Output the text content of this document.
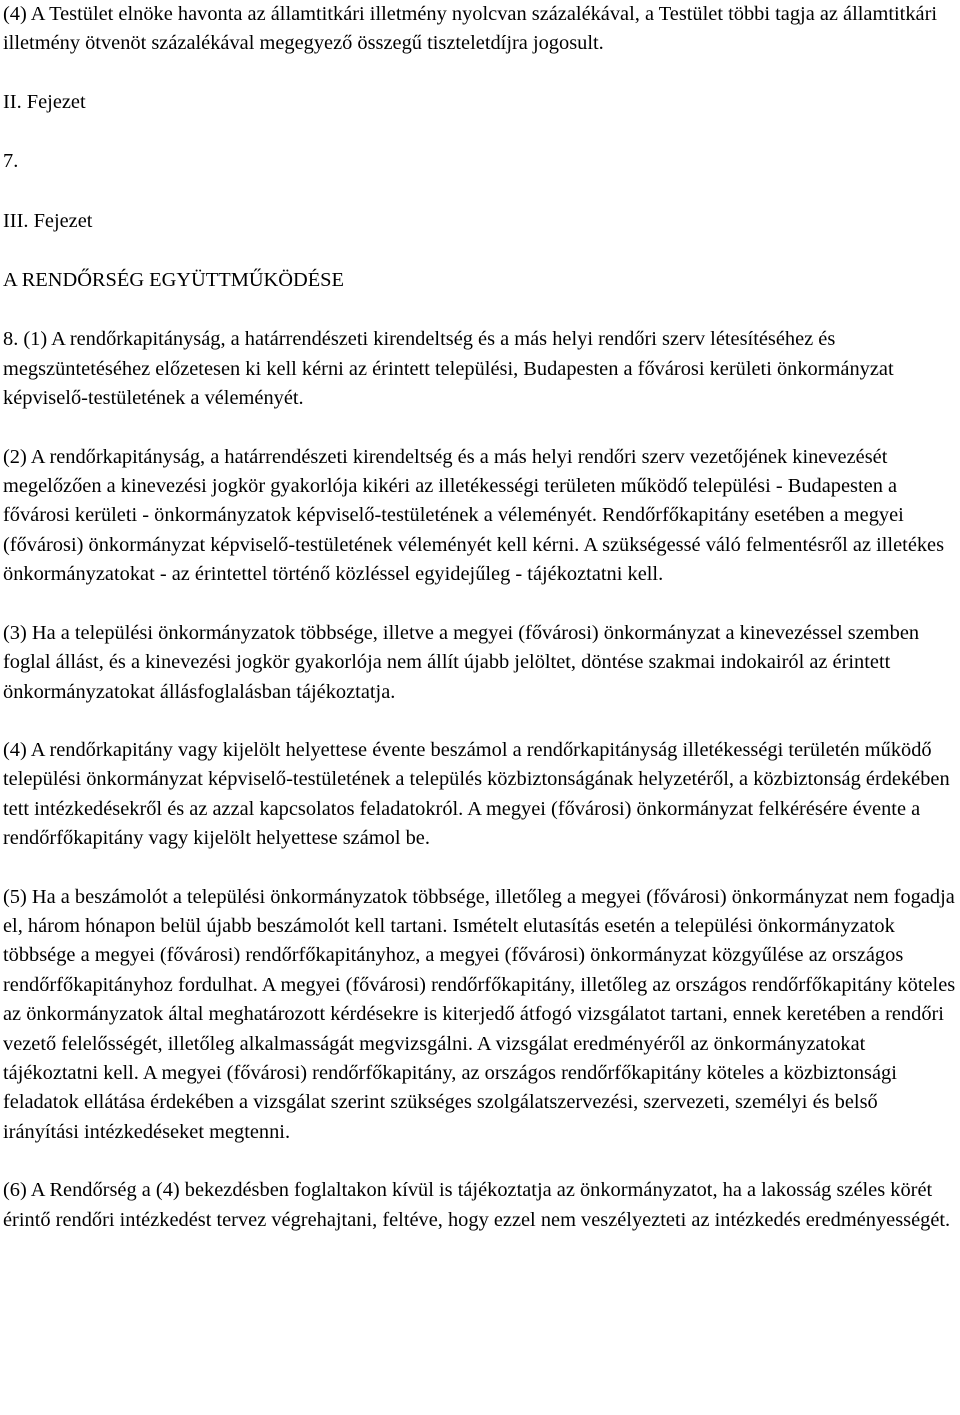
(4) A Testület elnöke havonta az államtitkári illetmény nyolcvan százalékával, a Testület többi tagja az államtitkári illetmény ötvenöt százalékával megegyező összegű tiszteletdíjra jogosult.

II. Fejezet

7.

III. Fejezet

A RENDŐRSÉG EGYÜTTMŰKÖDÉSE

8. (1) A rendőrkapitányság, a határrendészeti kirendeltség és a más helyi rendőri szerv létesítéséhez és megszüntetéséhez előzetesen ki kell kérni az érintett települési, Budapesten a fővárosi kerületi önkormányzat képviselő-testületének a véleményét.

(2) A rendőrkapitányság, a határrendészeti kirendeltség és a más helyi rendőri szerv vezetőjének kinevezését megelőzően a kinevezési jogkör gyakorlója kikéri az illetékességi területen működő települési - Budapesten a fővárosi kerületi - önkormányzatok képviselő-testületének a véleményét. Rendőrfőkapitány esetében a megyei (fővárosi) önkormányzat képviselő-testületének véleményét kell kérni. A szükségessé váló felmentésről az illetékes önkormányzatokat - az érintettel történő közléssel egyidejűleg - tájékoztatni kell.

(3) Ha a települési önkormányzatok többsége, illetve a megyei (fővárosi) önkormányzat a kinevezéssel szemben foglal állást, és a kinevezési jogkör gyakorlója nem állít újabb jelöltet, döntése szakmai indokairól az érintett önkormányzatokat állásfoglalásban tájékoztatja.

(4) A rendőrkapitány vagy kijelölt helyettese évente beszámol a rendőrkapitányság illetékességi területén működő települési önkormányzat képviselő-testületének a település közbiztonságának helyzetéről, a közbiztonság érdekében tett intézkedésekről és az azzal kapcsolatos feladatokról. A megyei (fővárosi) önkormányzat felkérésére évente a rendőrfőkapitány vagy kijelölt helyettese számol be.

(5) Ha a beszámolót a települési önkormányzatok többsége, illetőleg a megyei (fővárosi) önkormányzat nem fogadja el, három hónapon belül újabb beszámolót kell tartani. Ismételt elutasítás esetén a települési önkormányzatok többsége a megyei (fővárosi) rendőrfőkapitányhoz, a megyei (fővárosi) önkormányzat közgyűlése az országos rendőrfőkapitányhoz fordulhat. A megyei (fővárosi) rendőrfőkapitány, illetőleg az országos rendőrfőkapitány köteles az önkormányzatok által meghatározott kérdésekre is kiterjedő átfogó vizsgálatot tartani, ennek keretében a rendőri vezető felelősségét, illetőleg alkalmasságát megvizsgálni. A vizsgálat eredményéről az önkormányzatokat tájékoztatni kell. A megyei (fővárosi) rendőrfőkapitány, az országos rendőrfőkapitány köteles a közbiztonsági feladatok ellátása érdekében a vizsgálat szerint szükséges szolgálatszervezési, szervezeti, személyi és belső irányítási intézkedéseket megtenni.

(6) A Rendőrség a (4) bekezdésben foglaltakon kívül is tájékoztatja az önkormányzatot, ha a lakosság széles körét érintő rendőri intézkedést tervez végrehajtani, feltéve, hogy ezzel nem veszélyezteti az intézkedés eredményességét.
